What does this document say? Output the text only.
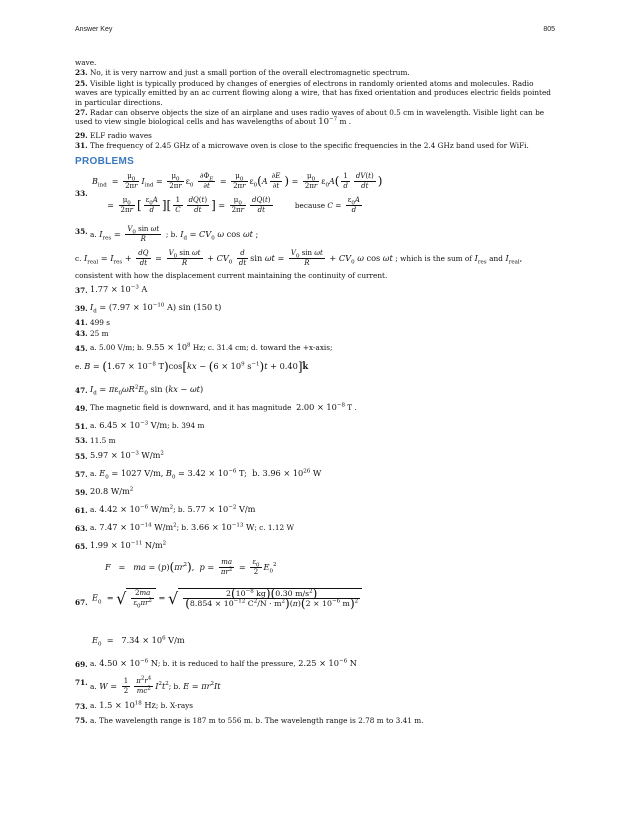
Answer Key	805

wave.

23. No, it is very narrow and just a small portion of the overall electromagnetic spectrum.

25. Visible light is typically produced by changes of energies of electrons in randomly oriented atoms and molecules. Radio waves are typically emitted by an ac current flowing along a wire, that has fixed orientation and produces electric fields pointed in particular directions.

27. Radar can observe objects the size of an airplane and uses radio waves of about 0.5 cm in wavelength. Visible light can be used to view single biological cells and has wavelengths of about $10^{-7}$ m .

29. ELF radio waves

31. The frequency of 2.45 GHz of a microwave oven is close to the specific frequencies in the 2.4 GHz band used for WiFi.

PROBLEMS
33.
$B_{ind} = \frac{\mu_0}{2\pi r} I_{ind} = \frac{\mu_0}{2\pi r} \varepsilon_0 \frac{\partial\Phi_E}{\partial t} = \frac{\mu_0}{2\pi r} \varepsilon_0(A \frac{\partial E}{\partial t}$ ) = $\frac{\mu_0}{2\pi r} \varepsilon_0A( \frac{1}{d} \frac{dV(t)}{dt}$ )
= $\frac{\mu_0}{2\pi r}$ [ $\frac{\varepsilon_0A}{d}$ ][ $\frac{1}{C} \frac{dQ(t)}{dt}$ ] = $\frac{\mu_0}{2\pi r} \frac{dQ(t)}{dt}$	because $C = \frac{\varepsilon_0A}{d}$
35. a. $I_{res} = \frac{V_0 \sin \omega t}{R}$ ; b. $I_d = CV_0$ ω cos ωt ;
c. $I_{real} = I_{res} + \frac{dQ}{dt} = \frac{V_0 \sin \omega t}{R} + CV_0 \frac{d}{dt}$ $\sin \omega t = \frac{V_0 \sin \omega t}{R} + CV_0$ ω cos ωt ; which is the sum of $I_{res}$ and $I_{real}$,

consistent with how the displacement current maintaining the continuity of current.

37. $1.77 \times 10^{-3}$ A
39. $I_d = (7.97 \times 10^{-10}$ A) sin (150 t)

41. 499 s

43. 25 m

45. a. 5.00 V/m; b. $9.55 \times 10^8$ Hz; c. 31.4 cm; d. toward the +x-axis;
e. $B = (1.67 \times 10^{-8}$ $T)\cos[kx - (6 \times 10^9$ $s^{-1})t$ + 0.40]k̂
47. $I_d = \pi\varepsilon_0\omega R^2E_0$ sin (kx − ωt)
49. The magnetic field is downward, and it has magnitude $2.00 \times 10^{-8}$ T .
51. a. $6.45 \times 10^{-3}$ V/m; b. 394 m

53. 11.5 m

55. $5.97 \times 10^{-3}$ $W/m^2$
57. a. $E_0 = 1027$ V/m, $B_0 = 3.42 \times 10^{-6}$ T;  b. $3.96 \times 10^{26}$ W
59. 20.8 $W/m^2$
61. a. $4.42 \times 10^{-6}$ $W/m^2$; b. $5.77 \times 10^{-2}$ V/m
63. a. $7.47 \times 10^{-14}$ $W/m^2$; b. $3.66 \times 10^{-13}$ W; c. 1.12 W
65. $1.99 \times 10^{-11}$ $N/m^2$
67.
F   =   ma = $(p)(\pi r^2)$,  $p = \frac{ma}{\pi r^2} = \frac{\varepsilon_0}{2} E_0^2$
$E_0$  = √ $\frac{2ma}{\varepsilon_0\pi r^2}$ = √ $\frac{2(10^{-8} kg)(0.30 m/s^2)}{(8.854 \times 10^{-12} C^2/N \cdot m^2)(\pi)(2 \times 10^{-6} m)^2}$
$E_0 = 7.34 \times 10^6$ V/m
69. a. $4.50 \times 10^{-6}$ N; b. it is reduced to half the pressure, $2.25 \times 10^{-6}$ N
71. a. $W = \frac{1}{2} \frac{\pi^2r^4}{mc^2} I^2t^2$; b. $E = \pi r^2It$
73. a. $1.5 \times 10^{18}$ Hz; b. X-rays

75. a. The wavelength range is 187 m to 556 m. b. The wavelength range is 2.78 m to 3.41 m.
